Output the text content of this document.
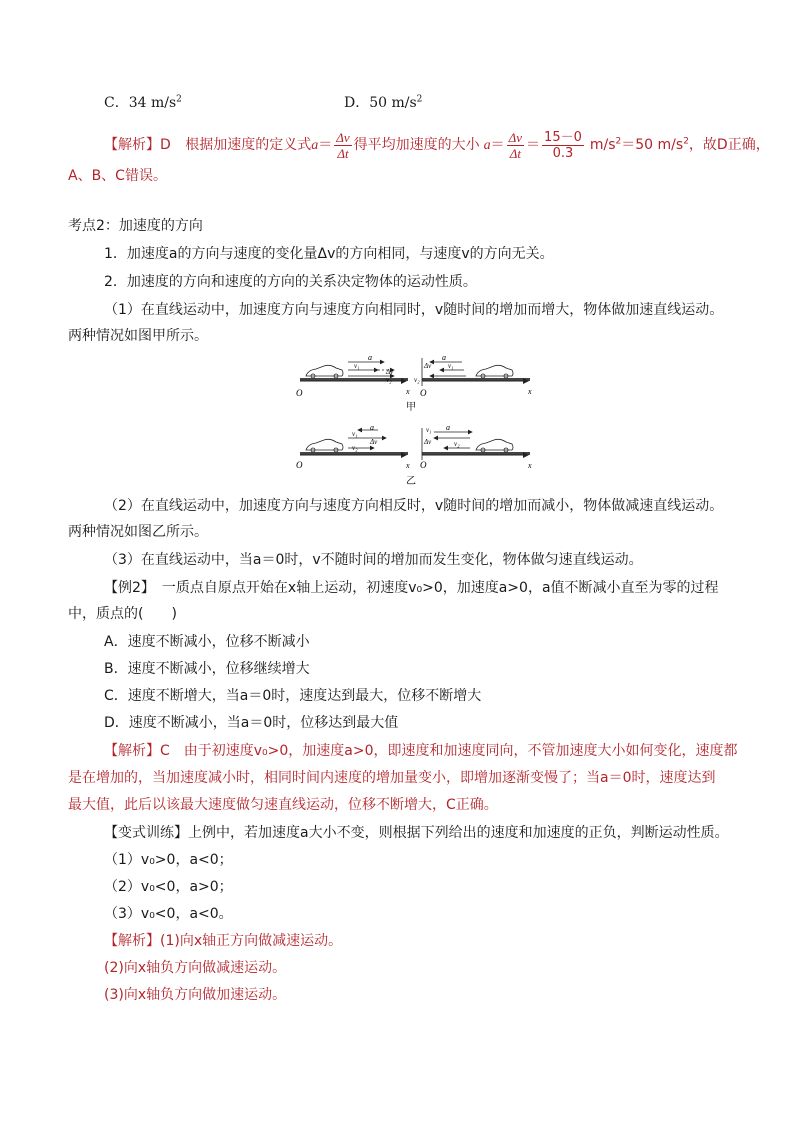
C．34 $m/s^2$	D．50 $m/s^2$
【解析】D 根据加速度的定义式$a= \frac{\Delta v}{\Delta t}$ 得平均加速度的大小 $a= \frac{\Delta v}{\Delta t} = \frac{15-0}{0.3} m/s^2=50$ $m/s^2$，故D正确，
A、B、C错误。
考点2：加速度的方向
1．加速度a的方向与速度的变化量Δv的方向相同，与速度v的方向无关。
2．加速度的方向和速度的方向的关系决定物体的运动性质。
（1）在直线运动中，加速度方向与速度方向相同时，v随时间的增加而增大，物体做加速直线运动。
两种情况如图甲所示。
a
v₁
Δv
v₂
O	x
a
Δv v₁
v₂
O	x
甲
a
v₁
v₂
Δv
O	x
v₁
Δv	v₂
a
O	x
乙
（2）在直线运动中，加速度方向与速度方向相反时，v随时间的增加而减小，物体做减速直线运动。
两种情况如图乙所示。
（3）在直线运动中，当a＝0时，v不随时间的增加而发生变化，物体做匀速直线运动。
【例2】　一质点自原点开始在x轴上运动，初速度v₀>0，加速度a>0，a值不断减小直至为零的过程
中，质点的(　　)
A．速度不断减小，位移不断减小
B．速度不断减小，位移继续增大
C．速度不断增大，当a＝0时，速度达到最大，位移不断增大
D．速度不断减小，当a＝0时，位移达到最大值
【解析】C　由于初速度v₀>0，加速度a>0，即速度和加速度同向，不管加速度大小如何变化，速度都
是在增加的，当加速度减小时，相同时间内速度的增加量变小，即增加逐渐变慢了；当a＝0时，速度达到
最大值，此后以该最大速度做匀速直线运动，位移不断增大，C正确。
【变式训练】上例中，若加速度a大小不变，则根据下列给出的速度和加速度的正负，判断运动性质。
（1）v₀>0，a<0；
（2）v₀<0，a>0；
（3）v₀<0，a<0。
【解析】(1)向x轴正方向做减速运动。
(2)向x轴负方向做减速运动。
(3)向x轴负方向做加速运动。
